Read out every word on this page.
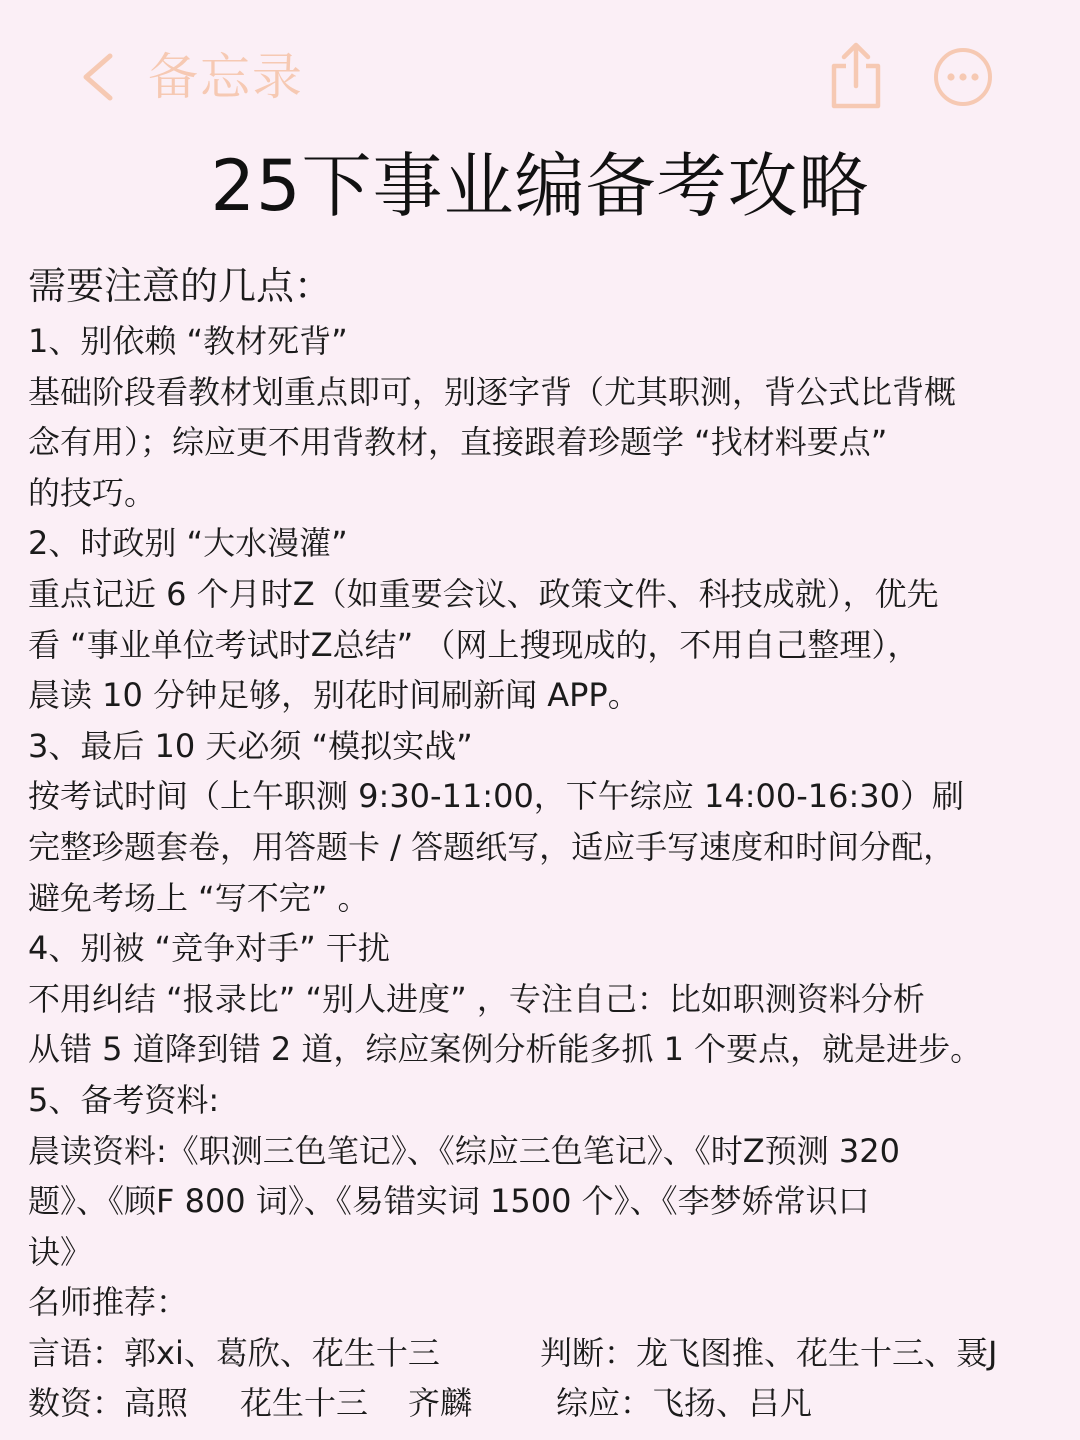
备忘录
25下事业编备考攻略
需要注意的几点：
1、别依赖 “教材死背”
基础阶段看教材划重点即可，别逐字背（尤其职测，背公式比背概
念有用）；综应更不用背教材，直接跟着珍题学 “找材料要点”
的技巧。
2、时政别 “大水漫灌”
重点记近 6 个月时Z（如重要会议、政策文件、科技成就），优先
看 “事业单位考试时Z总结” （网上搜现成的，不用自己整理），
晨读 10 分钟足够，别花时间刷新闻 APP。
3、最后 10 天必须 “模拟实战”
按考试时间（上午职测 9:30-11:00，下午综应 14:00-16:30）刷
完整珍题套卷，用答题卡 / 答题纸写，适应手写速度和时间分配，
避免考场上 “写不完” 。
4、别被 “竞争对手” 干扰
不用纠结 “报录比” “别人进度” ，专注自己：比如职测资料分析
从错 5 道降到错 2 道，综应案例分析能多抓 1 个要点，就是进步。
5、备考资料:
晨读资料:《职测三色笔记》、《综应三色笔记》、《时Z预测 320
题》、《顾F 800 词》、《易错实词 1500 个》、《李梦娇常识口
诀》
名师推荐：
言语：郭xi、葛欣、花生十三	判断：龙飞图推、花生十三、聂J
数资：高照 花生十三 齐麟	综应：飞扬、吕凡
